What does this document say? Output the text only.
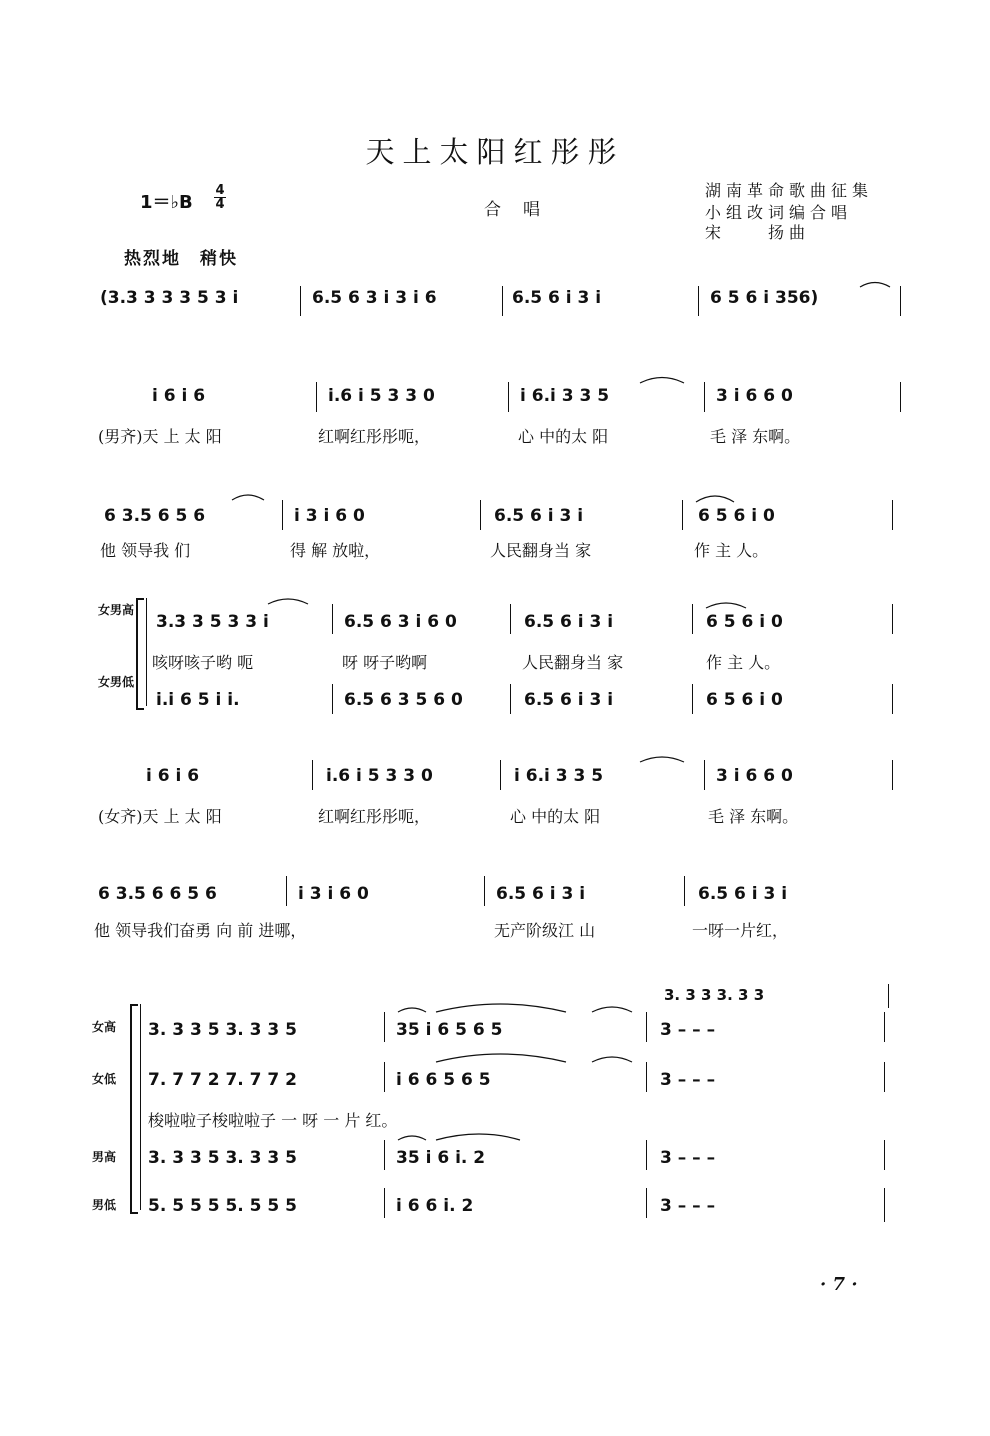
天上太阳红彤彤
1＝♭B
4
4	合唱
湖南革命歌曲征集
小组改词编合唱
宋　　扬曲
热烈地　稍快
(3.3 3 3 3 5 3 i	6.5 6 3 i 3 i 6	6.5 6 i 3 i	6 5 6 i 356)
i 6 i 6	i.6 i 5 3 3 0	i 6.i 3 3 5	3 i 6 6 0
(男齐)天 上 太 阳	红啊红彤彤呃，	心 中的太 阳	毛 泽 东啊。
6 3.5 6 5 6	i 3 i 6 0	6.5 6 i 3 i	6 5 6 i 0
他 领导我 们	得 解 放啦，	人民翻身当 家	作 主 人。
女男高
女男低
3.3 3 5 3 3 i	6.5 6 3 i 6 0	6.5 6 i 3 i	6 5 6 i 0
咳呀咳子哟 呃	呀 呀子哟啊	人民翻身当 家	作 主 人。
i.i 6 5 i i.	6.5 6 3 5 6 0	6.5 6 i 3 i	6 5 6 i 0
i 6 i 6	i.6 i 5 3 3 0	i 6.i 3 3 5	3 i 6 6 0
(女齐)天 上 太 阳	红啊红彤彤呃，	心 中的太 阳	毛 泽 东啊。
6 3.5 6 6 5 6	i 3 i 6 0	6.5 6 i 3 i	6.5 6 i 3 i
他 领导我们奋勇 向 前 进哪，	无产阶级江 山	一呀一片红，
3. 3 3 3. 3 3
女高
女低
男高
男低
3. 3 3 5 3. 3 3 5	35 i 6 5 6 5	3 – – –
7. 7 7 2 7. 7 7 2	i 6 6 5 6 5	3 – – –
梭啦啦子梭啦啦子 一 呀 一 片 红。
3. 3 3 5 3. 3 3 5	35 i 6 i. 2	3 – – –
5. 5 5 5 5. 5 5 5	i 6 6 i. 2	3 – – –
· 7 ·
